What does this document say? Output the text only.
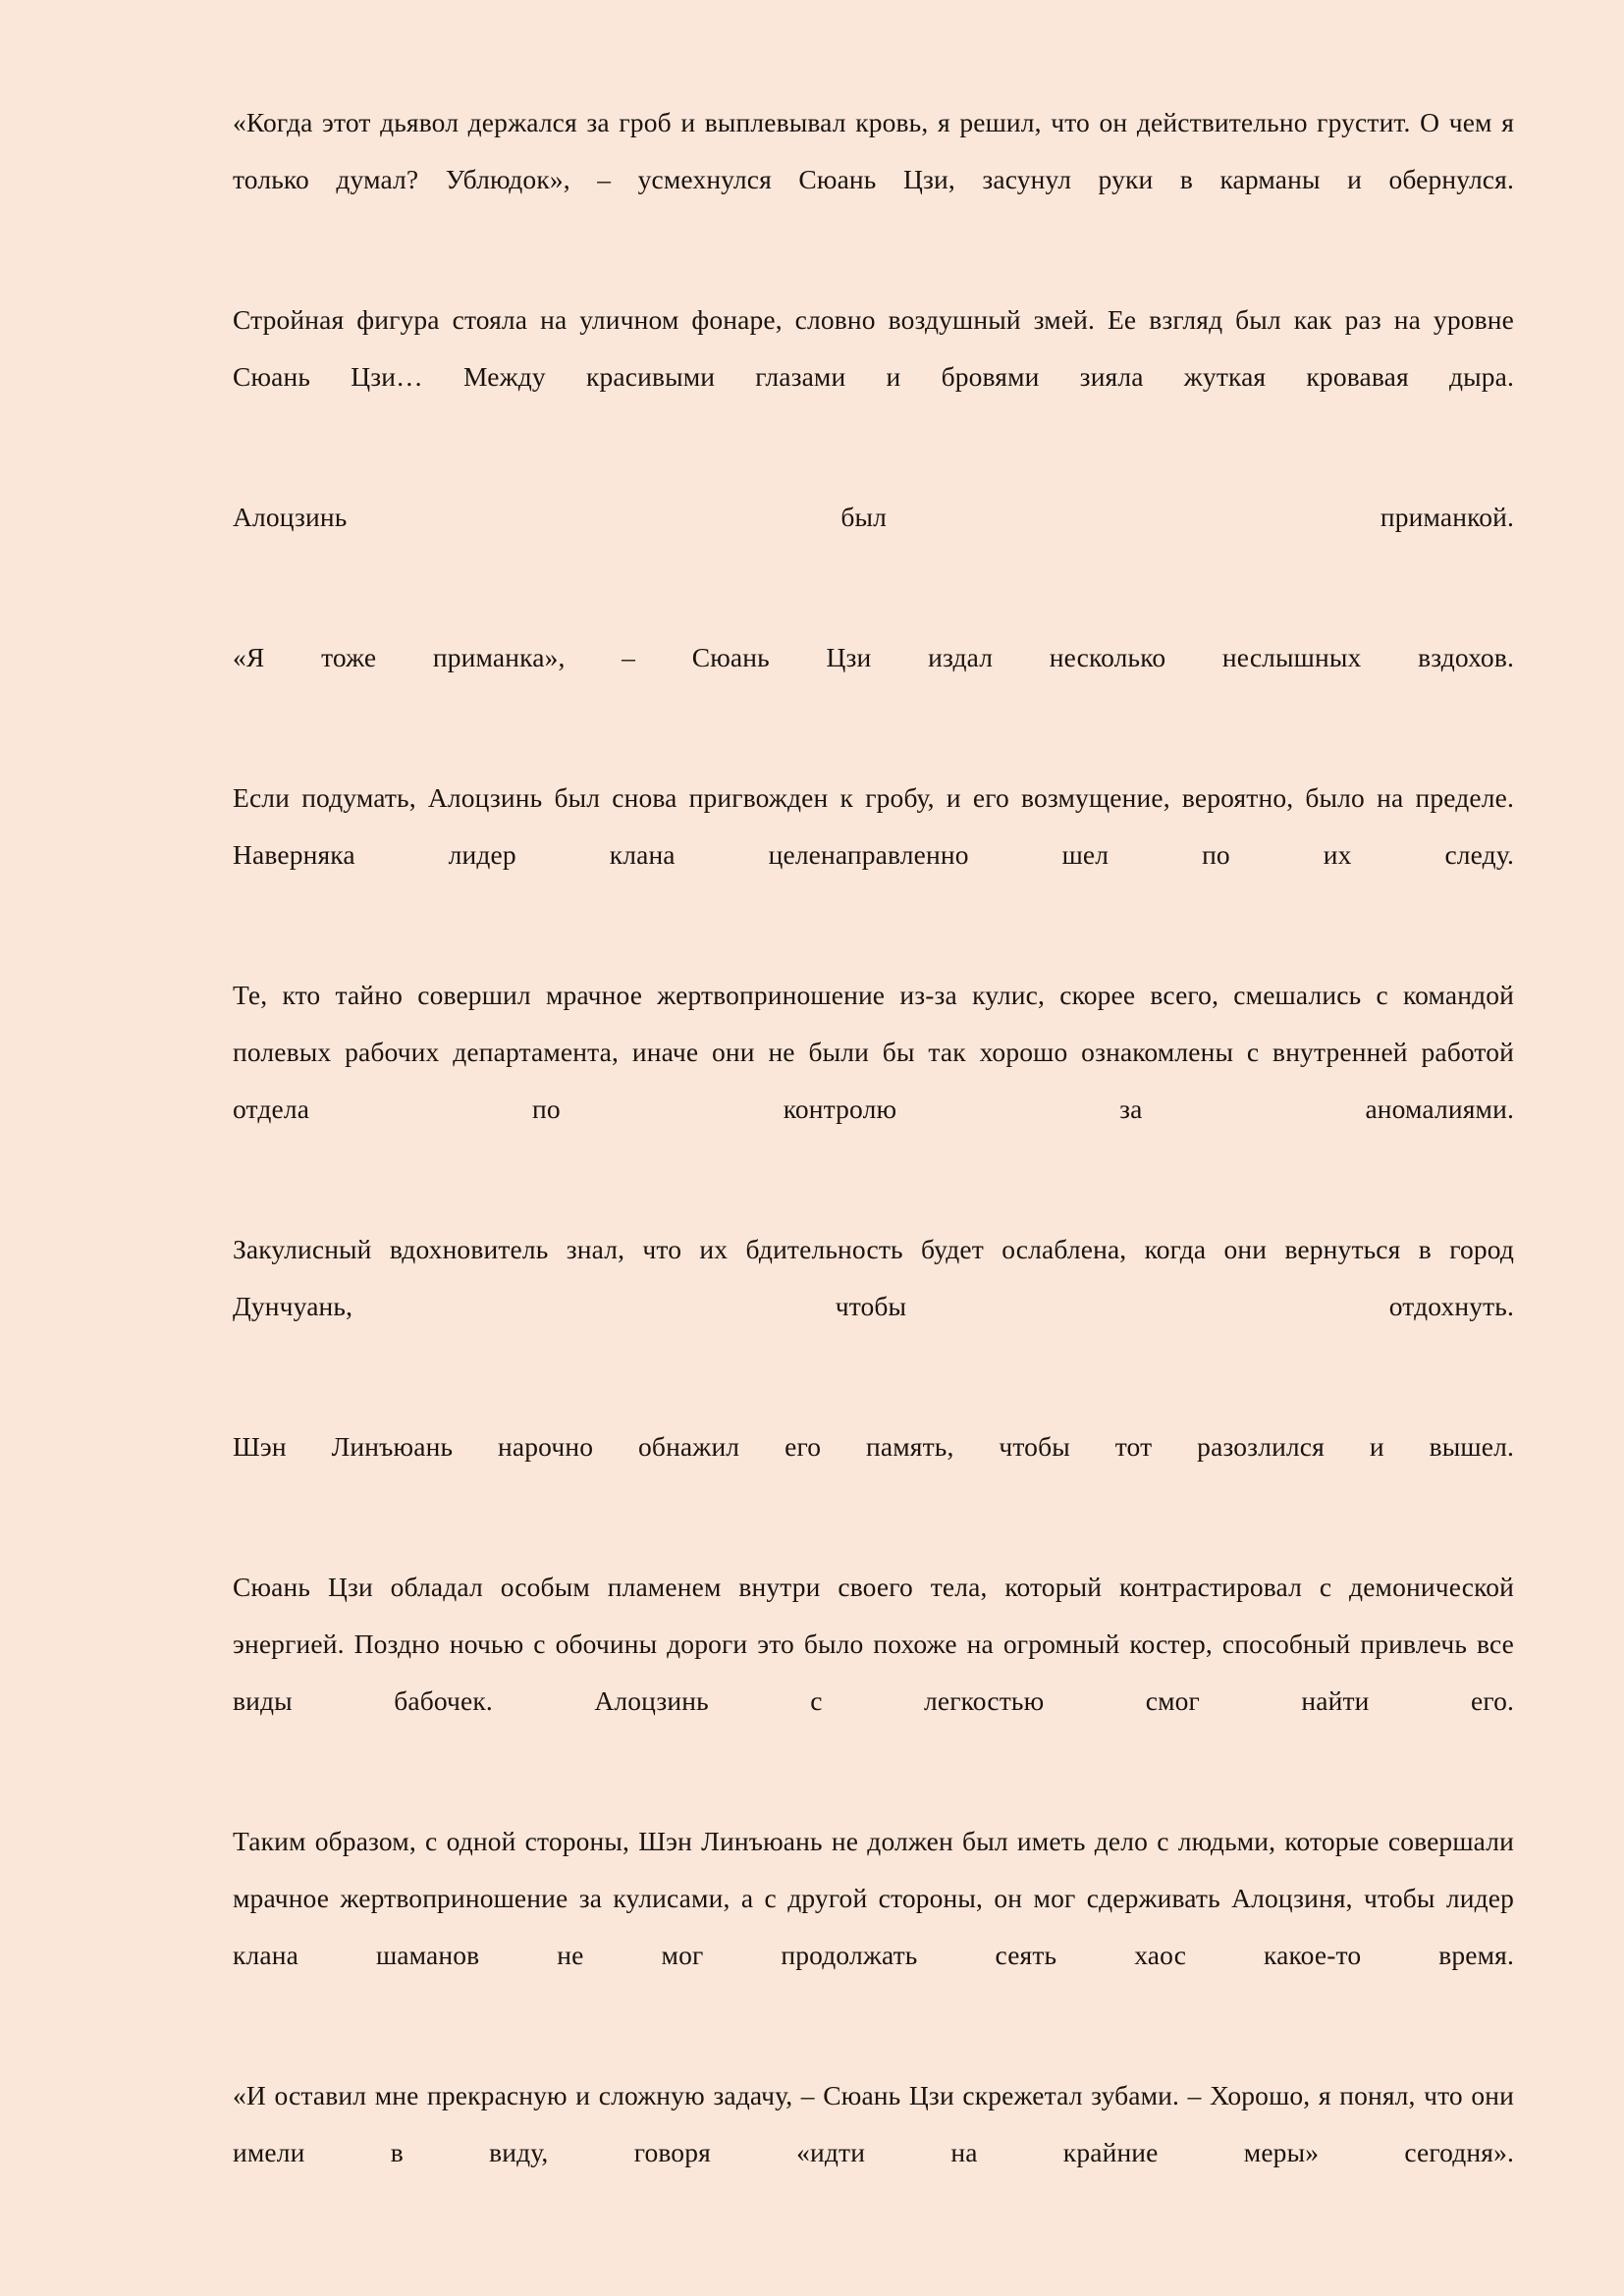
«Когда этот дьявол держался за гроб и выплевывал кровь, я решил, что он действительно грустит. О чем я только думал? Ублюдок», – усмехнулся Сюань Цзи, засунул руки в карманы и обернулся.

Стройная фигура стояла на уличном фонаре, словно воздушный змей. Ее взгляд был как раз на уровне Сюань Цзи… Между красивыми глазами и бровями зияла жуткая кровавая дыра.

Алоцзинь был приманкой.

«Я тоже приманка», – Сюань Цзи издал несколько неслышных вздохов.

Если подумать, Алоцзинь был снова пригвожден к гробу, и его возмущение, вероятно, было на пределе. Наверняка лидер клана целенаправленно шел по их следу.

Те, кто тайно совершил мрачное жертвоприношение из-за кулис, скорее всего, смешались с командой полевых рабочих департамента, иначе они не были бы так хорошо ознакомлены с внутренней работой отдела по контролю за аномалиями.

Закулисный вдохновитель знал, что их бдительность будет ослаблена, когда они вернуться в город Дунчуань, чтобы отдохнуть.

Шэн Линъюань нарочно обнажил его память, чтобы тот разозлился и вышел.

Сюань Цзи обладал особым пламенем внутри своего тела, который контрастировал с демонической энергией. Поздно ночью с обочины дороги это было похоже на огромный костер, способный привлечь все виды бабочек. Алоцзинь с легкостью смог найти его.

Таким образом, с одной стороны, Шэн Линъюань не должен был иметь дело с людьми, которые совершали мрачное жертвоприношение за кулисами, а с другой стороны, он мог сдерживать Алоцзиня, чтобы лидер клана шаманов не мог продолжать сеять хаос какое-то время.

«И оставил мне прекрасную и сложную задачу, – Сюань Цзи скрежетал зубами. – Хорошо, я понял, что они имели в виду, говоря «идти на крайние меры» сегодня».
